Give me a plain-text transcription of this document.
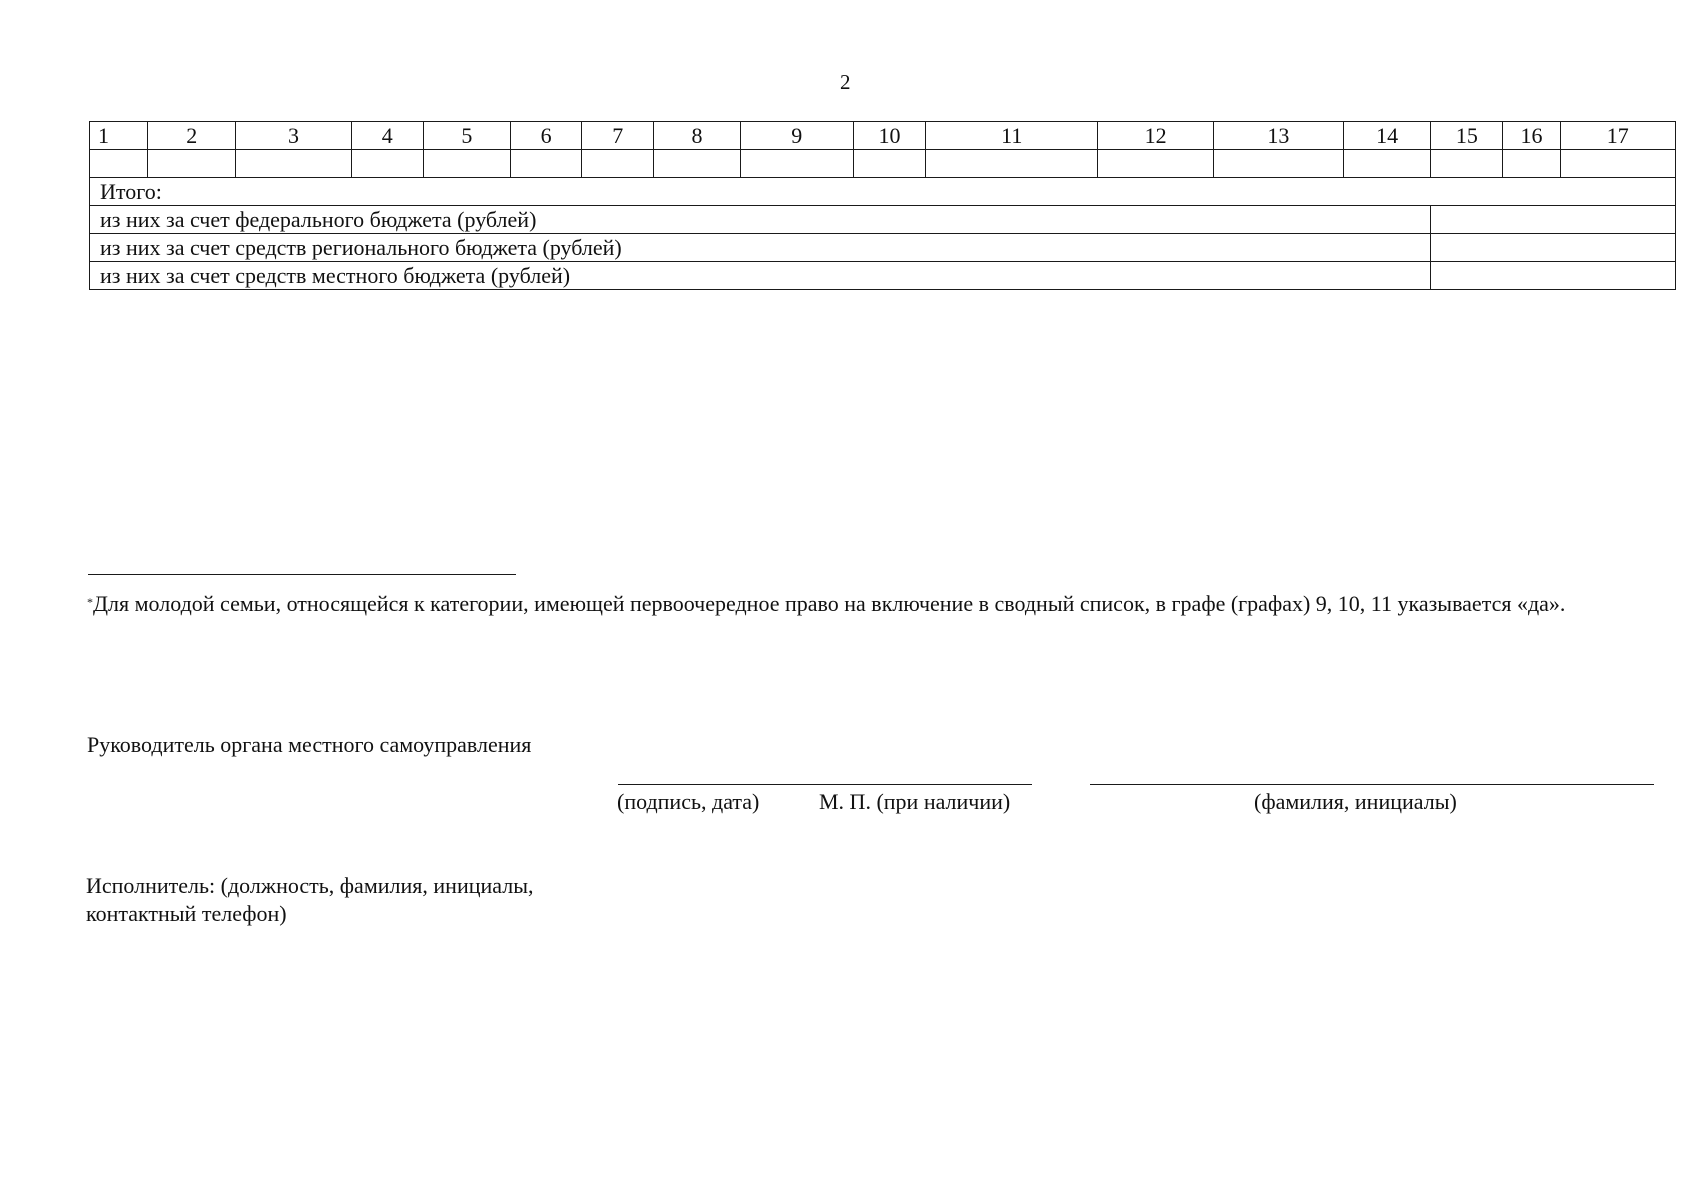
2
1	2	3	4	5	6	7	8	9	10	11	12	13	14	15	16	17

Итого:																
из них за счет федерального бюджета (рублей)																
из них за счет средств регионального бюджета (рублей)																
из них за счет средств местного бюджета (рублей)																
*Для молодой семьи, относящейся к категории, имеющей первоочередное право на включение в сводный список, в графе (графах) 9, 10, 11 указывается «да».
Руководитель органа местного самоуправления
(подпись, дата)	М. П. (при наличии)	(фамилия, инициалы)
Исполнитель: (должность, фамилия, инициалы,
контактный телефон)
